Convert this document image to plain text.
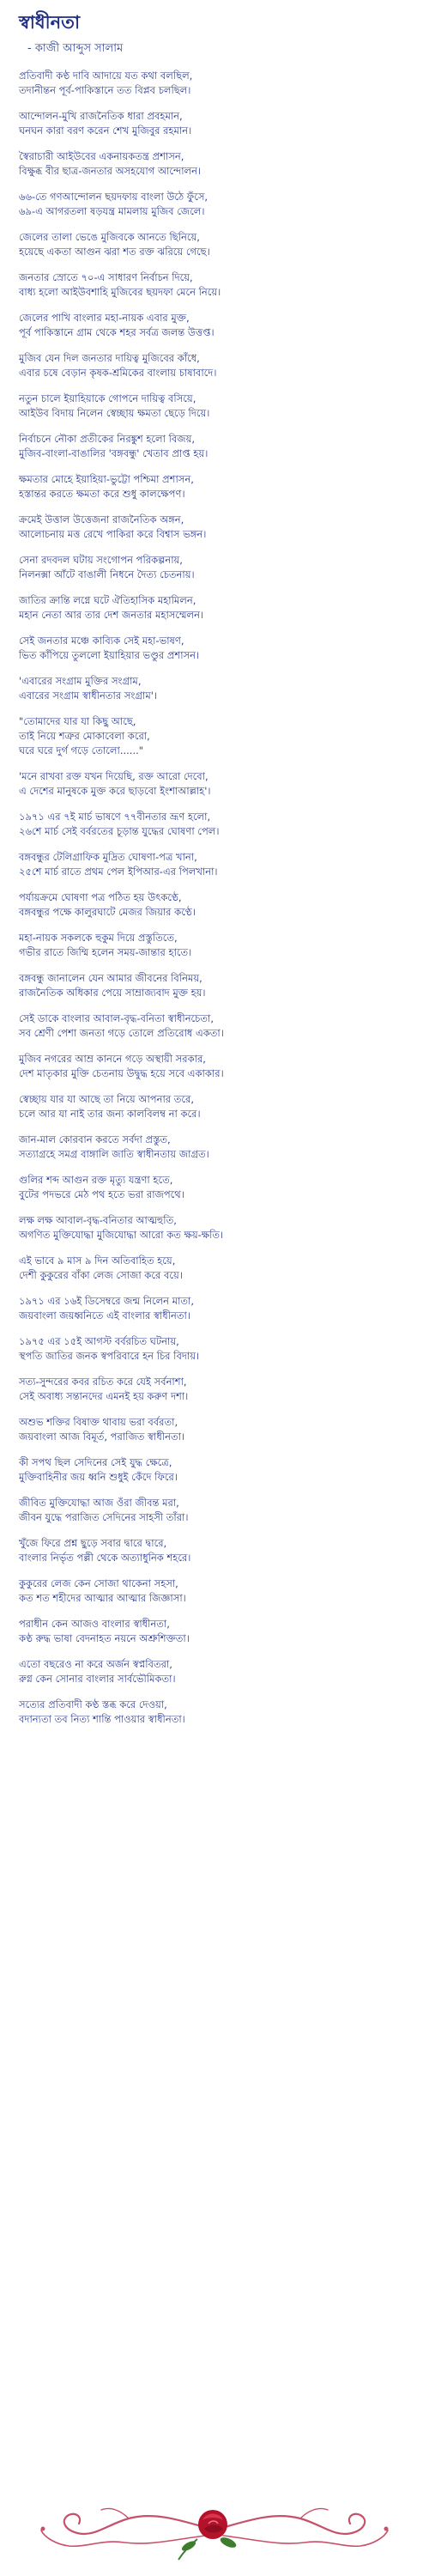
স্বাধীনতা
- কাজী আব্দুস সালাম
প্রতিবাদী কণ্ঠ দাবি আদায়ে যত কথা বলছিল,
তদানীন্তন পূর্ব-পাকিস্তানে তত বিপ্লব চলছিল।
আন্দোলন-মুখি রাজনৈতিক ধারা প্রবহমান,
ঘনঘন কারা বরণ করেন শেখ মুজিবুর রহমান।
স্বৈরাচারী আইউবের একনায়কতন্ত্র প্রশাসন,
বিক্ষুব্ধ বীর ছাত্র-জনতার অসহযোগ আন্দোলন।
৬৬-তে গণআন্দোলন ছয়দফায় বাংলা উঠে ফুঁসে,
৬৯-এ আগরতলা ষড়যন্ত্র মামলায় মুজিব জেলে।
জেলের তালা ভেঙে মুজিবকে আনতে ছিনিয়ে,
হয়েছে একতা আগুন ঝরা শত রক্ত ঝরিয়ে গেছে।
জনতার স্রোতে ৭০-এ সাধারণ নির্বাচন দিয়ে,
বাধ্য হলো আইউবশাহি মুজিবের ছয়দফা মেনে নিয়ে।
জেলের পাখি বাংলার মহা-নায়ক এবার মুক্ত,
পূর্ব পাকিস্তানে গ্রাম থেকে শহর সর্বত্র জলন্ত উত্তপ্ত।
মুজিব যেন দিল জনতার দায়িত্ব মুজিবের কাঁধে,
এবার চষে বেড়ান কৃষক-শ্রমিকের বাংলায় চাষাবাদে।
নতুন চালে ইয়াহিয়াকে গোপনে দায়িত্ব বসিয়ে,
আইউব বিদায় নিলেন স্বেচ্ছায় ক্ষমতা ছেড়ে দিয়ে।
নির্বাচনে নৌকা প্রতীকের নিরঙ্কুশ হলো বিজয়,
মুজিব-বাংলা-বাঙালির 'বঙ্গবন্ধু' খেতাব প্রাপ্ত হয়।
ক্ষমতার মোহে ইয়াহিয়া-ভুট্টো পশ্চিমা প্রশাসন,
হস্তান্তর করতে ক্ষমতা করে শুধু কালক্ষেপণ।
ক্রমেই উত্তাল উত্তেজনা রাজনৈতিক অঙ্গন,
আলোচনায় মত্ত রেখে পাকিরা করে বিশ্বাস ভঙ্গন।
সেনা রদবদল ঘটায় সংগোপন পরিকল্পনায়,
নিলনক্সা আঁটে বাঙালী নিধনে দৈত্য চেতনায়।
জাতির ক্রান্তি লগ্নে ঘটে ঐতিহাসিক মহামিলন,
মহান নেতা আর তার দেশ জনতার মহাসম্মেলন।
সেই জনতার মঞ্চে কাব্যিক সেই মহা-ভাষণ,
ভিত কাঁপিয়ে তুললো ইয়াহিয়ার ভণ্ডুর প্রশাসন।
'এবারের সংগ্রাম মুক্তির সংগ্রাম,
এবারের সংগ্রাম স্বাধীনতার সংগ্রাম'।
"তোমাদের যার যা কিছু আছে,
তাই নিয়ে শত্রুর মোকাবেলা করো,
ঘরে ঘরে দুর্গ গড়ে তোলো......"
'মনে রাখবা রক্ত যখন দিয়েছি, রক্ত আরো দেবো,
এ দেশের মানুষকে মুক্ত করে ছাড়বো ইংশাআল্লাহ'।
১৯৭১ এর ৭ই মার্চ ভাষণে ৭৭বীনতার ভ্রূণ হলো,
২৬শে মার্চ সেই বর্বরতের চূড়ান্ত যুদ্ধের ঘোষণা পেল।
বঙ্গবন্ধুর টেলিগ্রাফিক মুদ্রিত ঘোষণা-পত্র খানা,
২৫শে মার্চ রাতে প্রথম পেল ইপিআর-এর পিলখানা।
পর্যায়ক্রমে ঘোষণা পত্র পঠিত হয় উৎকণ্ঠে,
বঙ্গবন্ধুর পক্ষে কালুরঘাটে মেজর জিয়ার কণ্ঠে।
মহা-নায়ক সকলকে হুকুম দিয়ে প্রস্তুতিতে,
গভীর রাতে জিম্মি হলেন সময়-জান্তার হাতে।
বঙ্গবন্ধু জানালেন যেন আমার জীবনের বিনিময়,
রাজনৈতিক অধিকার পেয়ে সাম্রাজ্যবাদ মুক্ত হয়।
সেই ডাকে বাংলার আবাল-বৃদ্ধ-বনিতা স্বাধীনচেতা,
সব শ্রেণী পেশা জনতা গড়ে তোলে প্রতিরোধ একতা।
মুজিব নগরের আম্র কাননে গড়ে অস্থায়ী সরকার,
দেশ মাতৃকার মুক্তি চেতনায় উদ্বুদ্ধ হয়ে সবে একাকার।
স্বেচ্ছায় যার যা আছে তা নিয়ে আপনার তরে,
চলে আর যা নাই তার জন্য কালবিলম্ব না করে।
জান-মাল কোরবান করতে সর্বদা প্রস্তুত,
সত্যাগ্রহে সমগ্র বাঙ্গালি জাতি স্বাধীনতায় জাগ্রত।
গুলির শব্দ আগুন রক্ত মৃত্যু যন্ত্রণা হতে,
বুটের পদভরে মেঠ পথ হতে ভরা রাজপথে।
লক্ষ লক্ষ আবাল-বৃদ্ধ-বনিতার আত্মহুতি,
অগণিত মুক্তিযোদ্ধা মুজিযোদ্ধা আরো কত ক্ষয়-ক্ষতি।
এই ভাবে ৯ মাস ৯ দিন অতিবাহিত হয়ে,
দেশী কুকুরের বাঁকা লেজ সোজা করে বয়ে।
১৯৭১ এর ১৬ই ডিসেম্বরে জন্ম নিলেন মাতা,
জয়বাংলা জয়ধ্বনিতে এই বাংলার স্বাধীনতা।
১৯৭৫ এর ১৫ই আগস্ট বর্বরচিত ঘটনায়,
স্থপতি জাতির জনক স্বপরিবারে হন চির বিদায়।
সত্য-সুন্দরের কবর রচিত করে যেই সর্বনাশা,
সেই অবাধ্য সন্তানদের এমনই হয় করুণ দশা।
অশুভ শক্তির বিষাক্ত থাবায় ভরা বর্বরতা,
জয়বাংলা আজ বিমূর্ত, পরাজিত স্বাধীনতা।
কী সপথ ছিল সেদিনের সেই যুদ্ধ ক্ষেত্রে,
মুক্তিবাহিনীর জয় ধ্বনি শুধুই কেঁদে ফিরে।
জীবিত মুক্তিযোদ্ধা আজ ওঁরা জীবন্ত মরা,
জীবন যুদ্ধে পরাজিত সেদিনের সাহসী তাঁরা।
খুঁজে ফিরে প্রশ্ন ছুড়ে সবার দ্বারে দ্বারে,
বাংলার নির্ভৃত পল্লী থেকে অত্যাধুনিক শহরে।
কুকুরের লেজ কেন সোজা থাকেনা সহসা,
কত শত শহীদের আত্মার আত্মার জিজ্ঞাসা।
পরাধীন কেন আজও বাংলার স্বাধীনতা,
কণ্ঠ রুদ্ধ ভাষা বেদনাহত নয়নে অশ্রুশিক্ততা।
এতো বছরেও না করে অর্জন স্বপ্নবিতরা,
রুগ্ন কেন সোনার বাংলার সার্বভৌমিকতা।
সত্যের প্রতিবাদী কণ্ঠ স্তব্ধ করে দেওয়া,
বদান্যতা তব নিত্য শান্তি পাওয়ার স্বাধীনতা।
